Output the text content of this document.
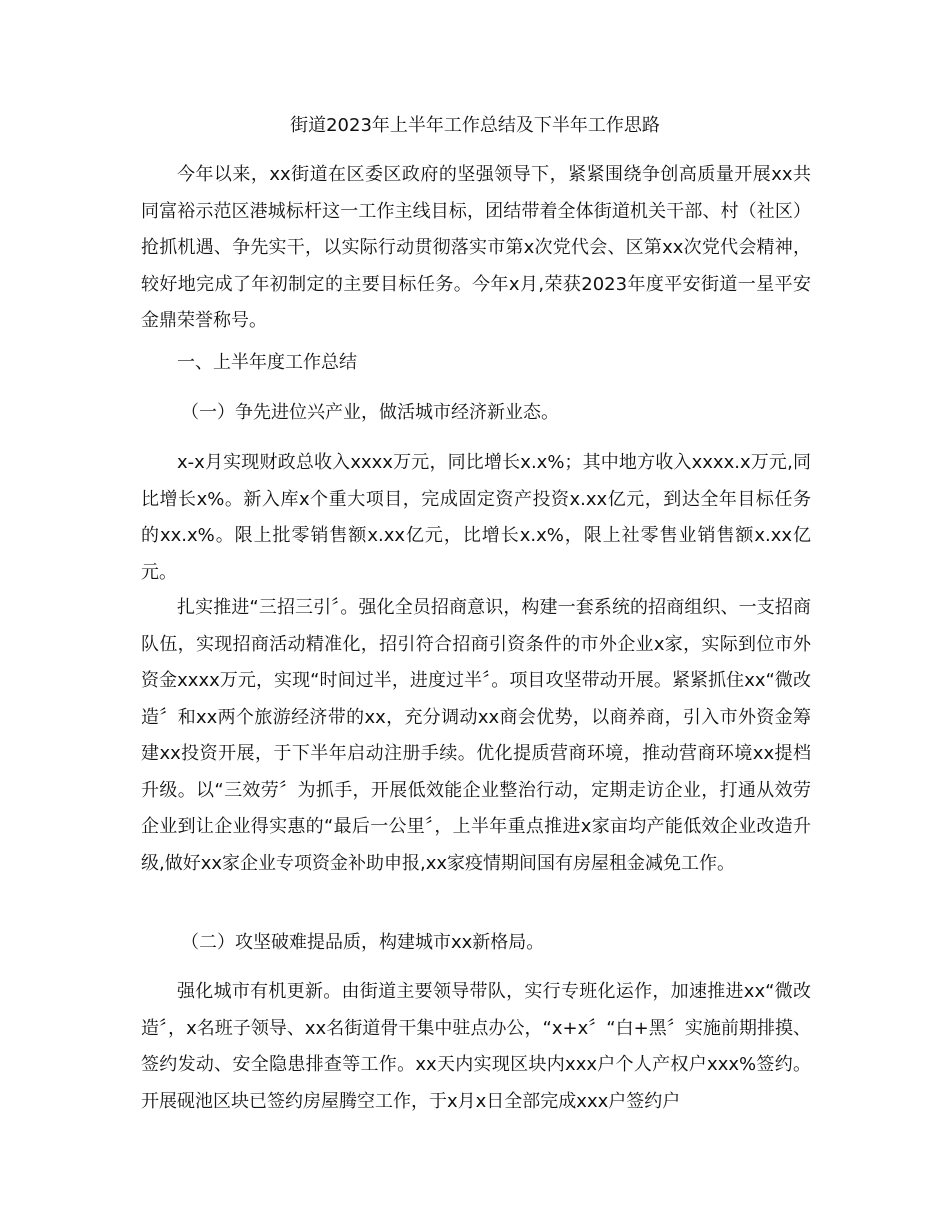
街道2023年上半年工作总结及下半年工作思路

今年以来，xx街道在区委区政府的坚强领导下，紧紧围绕争创高质量开展xx共同富裕示范区港城标杆这一工作主线目标，团结带着全体街道机关干部、村（社区）抢抓机遇、争先实干，以实际行动贯彻落实市第x次党代会、区第xx次党代会精神，较好地完成了年初制定的主要目标任务。今年x月,荣获2023年度平安街道一星平安金鼎荣誉称号。

一、上半年度工作总结

（一）争先进位兴产业，做活城市经济新业态。

x-x月实现财政总收入xxxx万元，同比增长x.x%；其中地方收入xxxx.x万元,同比增长x%。新入库x个重大项目，完成固定资产投资x.xx亿元，到达全年目标任务的xx.x%。限上批零销售额x.xx亿元，比增长x.x%，限上社零售业销售额x.xx亿元。

扎实推进“三招三引〞。强化全员招商意识，构建一套系统的招商组织、一支招商队伍，实现招商活动精准化，招引符合招商引资条件的市外企业x家，实际到位市外资金xxxx万元，实现“时间过半，进度过半〞。项目攻坚带动开展。紧紧抓住xx“微改造〞和xx两个旅游经济带的xx，充分调动xx商会优势，以商养商，引入市外资金筹建xx投资开展，于下半年启动注册手续。优化提质营商环境，推动营商环境xx提档升级。以“三效劳〞为抓手，开展低效能企业整治行动，定期走访企业，打通从效劳企业到让企业得实惠的“最后一公里〞，上半年重点推进x家亩均产能低效企业改造升级,做好xx家企业专项资金补助申报,xx家疫情期间国有房屋租金减免工作。

（二）攻坚破难提品质，构建城市xx新格局。

强化城市有机更新。由街道主要领导带队，实行专班化运作，加速推进xx“微改造〞，x名班子领导、xx名街道骨干集中驻点办公，“x+x〞“白+黑〞实施前期排摸、签约发动、安全隐患排查等工作。xx天内实现区块内xxx户个人产权户xxx%签约。开展砚池区块已签约房屋腾空工作，于x月x日全部完成xxx户签约户
